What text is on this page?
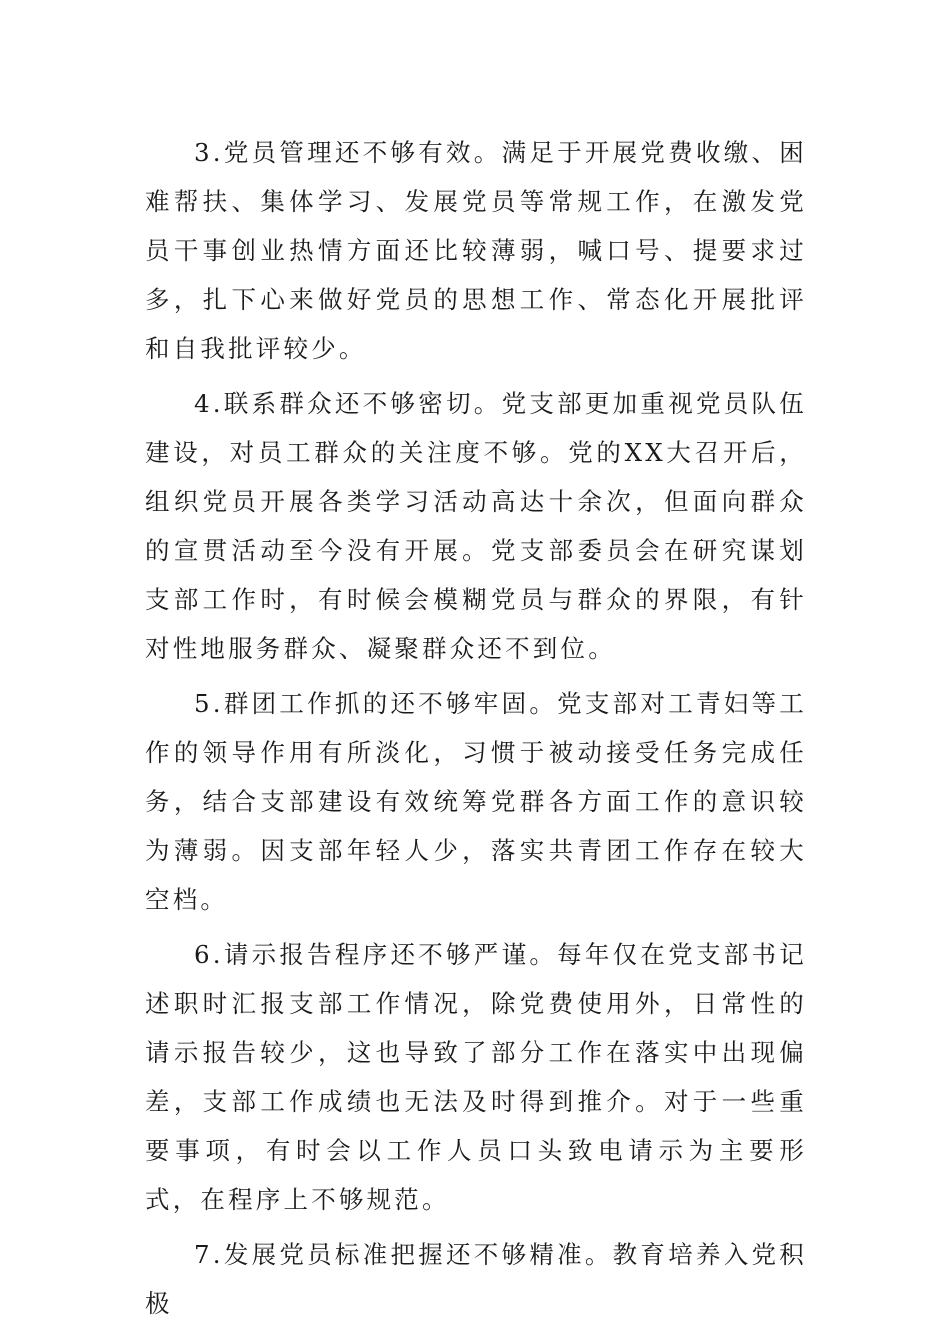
3.党员管理还不够有效。满足于开展党费收缴、困难帮扶、集体学习、发展党员等常规工作，在激发党员干事创业热情方面还比较薄弱，喊口号、提要求过多，扎下心来做好党员的思想工作、常态化开展批评和自我批评较少。

4.联系群众还不够密切。党支部更加重视党员队伍建设，对员工群众的关注度不够。党的XX大召开后，组织党员开展各类学习活动高达十余次，但面向群众的宣贯活动至今没有开展。党支部委员会在研究谋划支部工作时，有时候会模糊党员与群众的界限，有针对性地服务群众、凝聚群众还不到位。

5.群团工作抓的还不够牢固。党支部对工青妇等工作的领导作用有所淡化，习惯于被动接受任务完成任务，结合支部建设有效统筹党群各方面工作的意识较为薄弱。因支部年轻人少，落实共青团工作存在较大空档。

6.请示报告程序还不够严谨。每年仅在党支部书记述职时汇报支部工作情况，除党费使用外，日常性的请示报告较少，这也导致了部分工作在落实中出现偏差，支部工作成绩也无法及时得到推介。对于一些重要事项，有时会以工作人员口头致电请示为主要形式，在程序上不够规范。

7.发展党员标准把握还不够精准。教育培养入党积极
